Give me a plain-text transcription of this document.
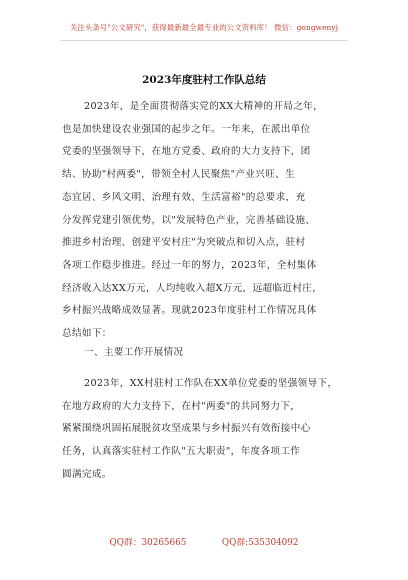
关注头条号"公文研究"，获得最新最全最专业的公文资料库！ 微信：gongwenyj
2023年度驻村工作队总结
2023年，是全面贯彻落实党的XX大精神的开局之年，
也是加快建设农业强国的起步之年。一年来，在派出单位
党委的坚强领导下，在地方党委、政府的大力支持下，团
结、协助"村两委"，带领全村人民聚焦"产业兴旺、生
态宜居、乡风文明、治理有效、生活富裕"的总要求，充
分发挥党建引领优势，以"发展特色产业，完善基础设施、
推进乡村治理、创建平安村庄"为突破点和切入点，驻村
各项工作稳步推进。经过一年的努力，2023年，全村集体
经济收入达XX万元，人均纯收入超X万元，远超临近村庄，
乡村振兴战略成效显著。现就2023年度驻村工作情况具体
总结如下：
一、主要工作开展情况
2023年，XX村驻村工作队在XX单位党委的坚强领导下，
在地方政府的大力支持下，在村"两委"的共同努力下，
紧紧围绕巩固拓展脱贫攻坚成果与乡村振兴有效衔接中心
任务，认真落实驻村工作队"五大职责"，年度各项工作
圆满完成。
QQ群：30265665	QQ群:535304092
